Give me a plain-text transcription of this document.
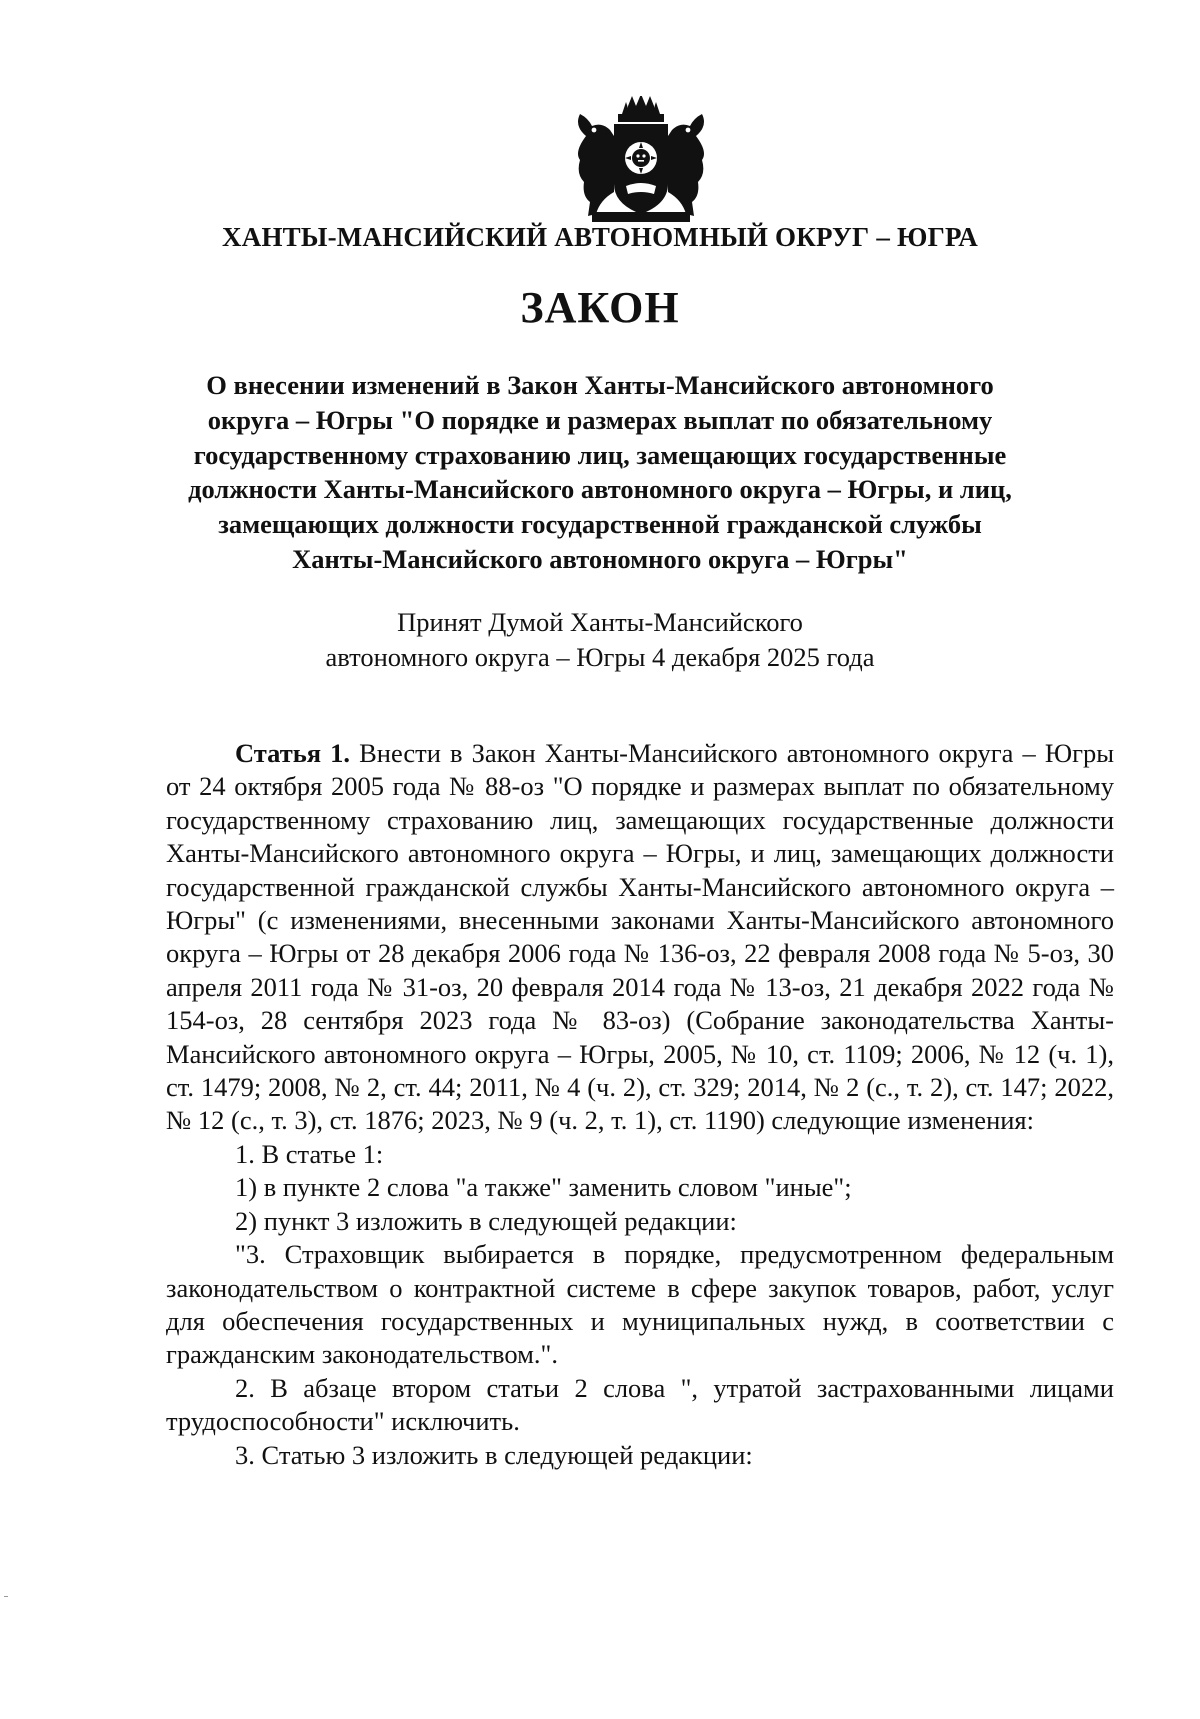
ХАНТЫ-МАНСИЙСКИЙ АВТОНОМНЫЙ ОКРУГ – ЮГРА
ЗАКОН
О внесении изменений в Закон Ханты-Мансийского автономного
округа – Югры "О порядке и размерах выплат по обязательному
государственному страхованию лиц, замещающих государственные
должности Ханты-Мансийского автономного округа – Югры, и лиц,
замещающих должности государственной гражданской службы
Ханты-Мансийского автономного округа – Югры"
Принят Думой Ханты-Мансийского
автономного округа – Югры 4 декабря 2025 года

Статья 1. Внести в Закон Ханты-Мансийского автономного округа – Югры от 24 октября 2005 года № 88-оз "О порядке и размерах выплат по обязательному государственному страхованию лиц, замещающих государственные должности Ханты-Мансийского автономного округа – Югры, и лиц, замещающих должности государственной гражданской службы Ханты-Мансийского автономного округа – Югры" (с изменениями, внесенными законами Ханты-Мансийского автономного округа – Югры от 28 декабря 2006 года № 136-оз, 22 февраля 2008 года № 5-оз, 30 апреля 2011 года № 31-оз, 20 февраля 2014 года № 13-оз, 21 декабря 2022 года № 154-оз, 28 сентября 2023 года № 83-оз) (Собрание законодательства Ханты-Мансийского автономного округа – Югры, 2005, № 10, ст. 1109; 2006, № 12 (ч. 1), ст. 1479; 2008, № 2, ст. 44; 2011, № 4 (ч. 2), ст. 329; 2014, № 2 (с., т. 2), ст. 147; 2022, № 12 (с., т. 3), ст. 1876; 2023, № 9 (ч. 2, т. 1), ст. 1190) следующие изменения:

1. В статье 1:

1) в пункте 2 слова "а также" заменить словом "иные";

2) пункт 3 изложить в следующей редакции:

"3. Страховщик выбирается в порядке, предусмотренном федеральным законодательством о контрактной системе в сфере закупок товаров, работ, услуг для обеспечения государственных и муниципальных нужд, в соответствии с гражданским законодательством.".

2. В абзаце втором статьи 2 слова ", утратой застрахованными лицами трудоспособности" исключить.

3. Статью 3 изложить в следующей редакции:
